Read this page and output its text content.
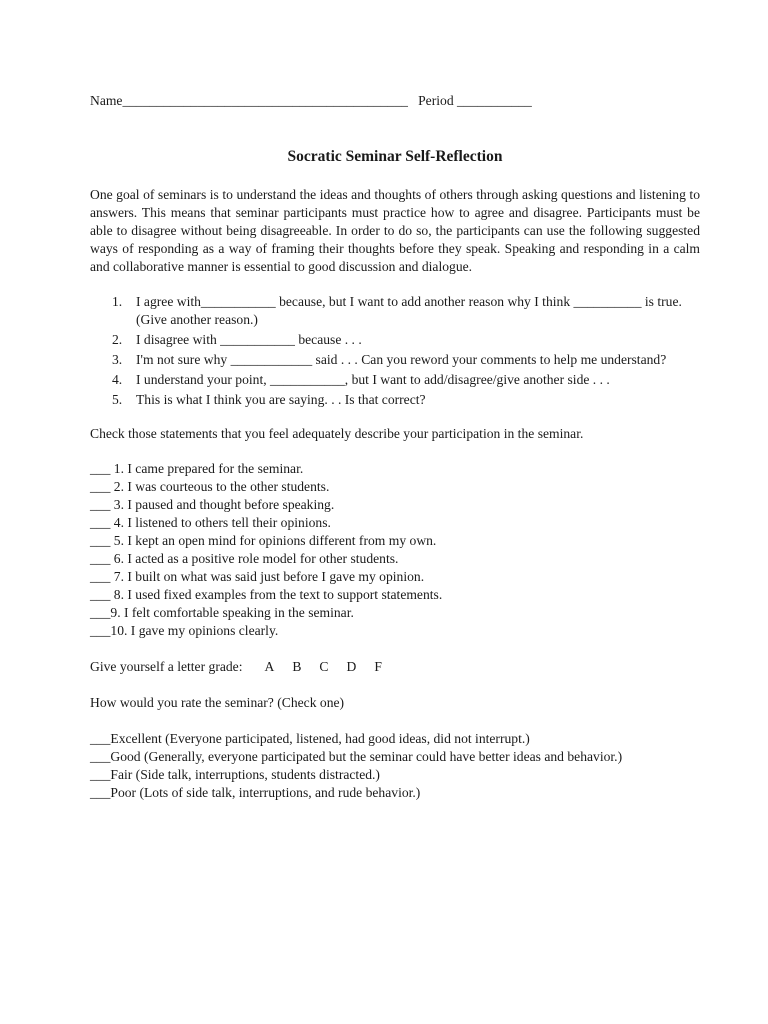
Name__________________________________________   Period ___________

Socratic Seminar Self-Reflection

One goal of seminars is to understand the ideas and thoughts of others through asking questions and listening to answers. This means that seminar participants must practice how to agree and disagree. Participants must be able to disagree without being disagreeable. In order to do so, the participants can use the following suggested ways of responding as a way of framing their thoughts before they speak. Speaking and responding in a calm and collaborative manner is essential to good discussion and dialogue.

1. I agree with___________ because, but I want to add another reason why I think __________ is true. (Give another reason.)
2. I disagree with ___________ because . . .
3. I'm not sure why ____________ said . . . Can you reword your comments to help me understand?
4. I understand your point, ___________, but I want to add/disagree/give another side . . .
5. This is what I think you are saying. . . Is that correct?

Check those statements that you feel adequately describe your participation in the seminar.

___ 1. I came prepared for the seminar.
___ 2. I was courteous to the other students.
___ 3. I paused and thought before speaking.
___ 4. I listened to others tell their opinions.
___ 5. I kept an open mind for opinions different from my own.
___ 6. I acted as a positive role model for other students.
___ 7. I built on what was said just before I gave my opinion.
___ 8. I used fixed examples from the text to support statements.
___9. I felt comfortable speaking in the seminar.
___10. I gave my opinions clearly.

Give yourself a letter grade: A B C D F

How would you rate the seminar? (Check one)

___Excellent (Everyone participated, listened, had good ideas, did not interrupt.)
___Good (Generally, everyone participated but the seminar could have better ideas and behavior.)
___Fair (Side talk, interruptions, students distracted.)
___Poor (Lots of side talk, interruptions, and rude behavior.)
